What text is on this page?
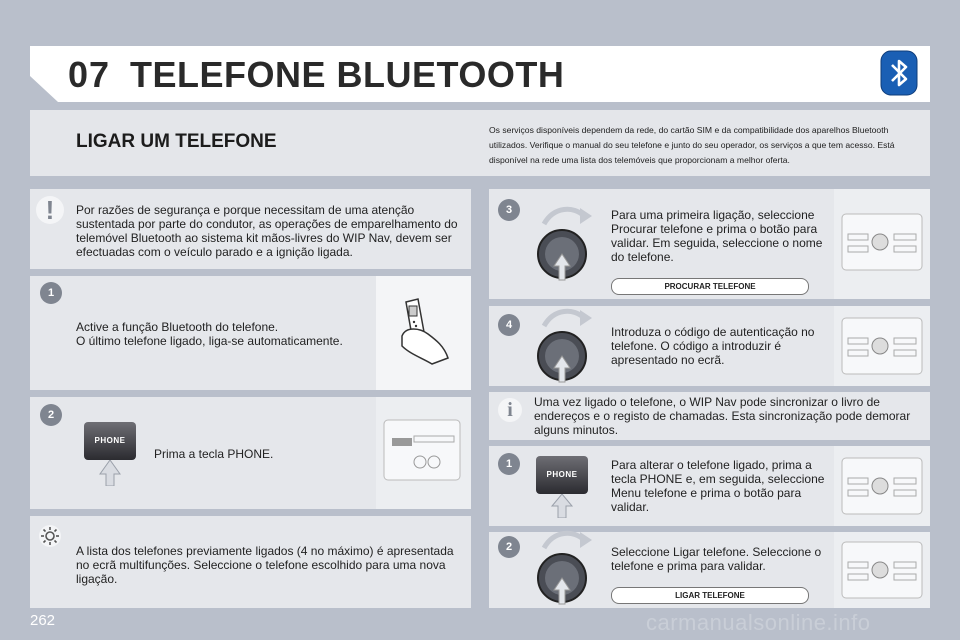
07 TELEFONE BLUETOOTH
LIGAR UM TELEFONE
Os serviços disponíveis dependem da rede, do cartão SIM e da compatibilidade dos aparelhos Bluetooth utilizados. Verifique o manual do seu telefone e junto do seu operador, os serviços a que tem acesso. Está disponível na rede uma lista dos telemóveis que proporcionam a melhor oferta.
!	Por razões de segurança e porque necessitam de uma atenção sustentada por parte do condutor, as operações de emparelhamento do telemóvel Bluetooth ao sistema kit mãos-livres do WIP Nav, devem ser efectuadas com o veículo parado e a ignição ligada.
1
Active a função Bluetooth do telefone.
O último telefone ligado, liga-se automaticamente.
2
PHONE
Prima a tecla PHONE.
A lista dos telefones previamente ligados (4 no máximo) é apresentada no ecrã multifunções. Seleccione o telefone escolhido para uma nova ligação.
3	Para uma primeira ligação, seleccione Procurar telefone e prima o botão para validar. Em seguida, seleccione o nome do telefone.
PROCURAR TELEFONE
4	Introduza o código de autenticação no telefone. O código a introduzir é apresentado no ecrã.
i	Uma vez ligado o telefone, o WIP Nav pode sincronizar o livro de endereços e o registo de chamadas. Esta sincronização pode demorar alguns minutos.
1
PHONE
Para alterar o telefone ligado, prima a tecla PHONE e, em seguida, seleccione Menu telefone e prima o botão para validar.
2	Seleccione Ligar telefone. Seleccione o telefone e prima para validar.
LIGAR TELEFONE
262	carmanualsonline.info
